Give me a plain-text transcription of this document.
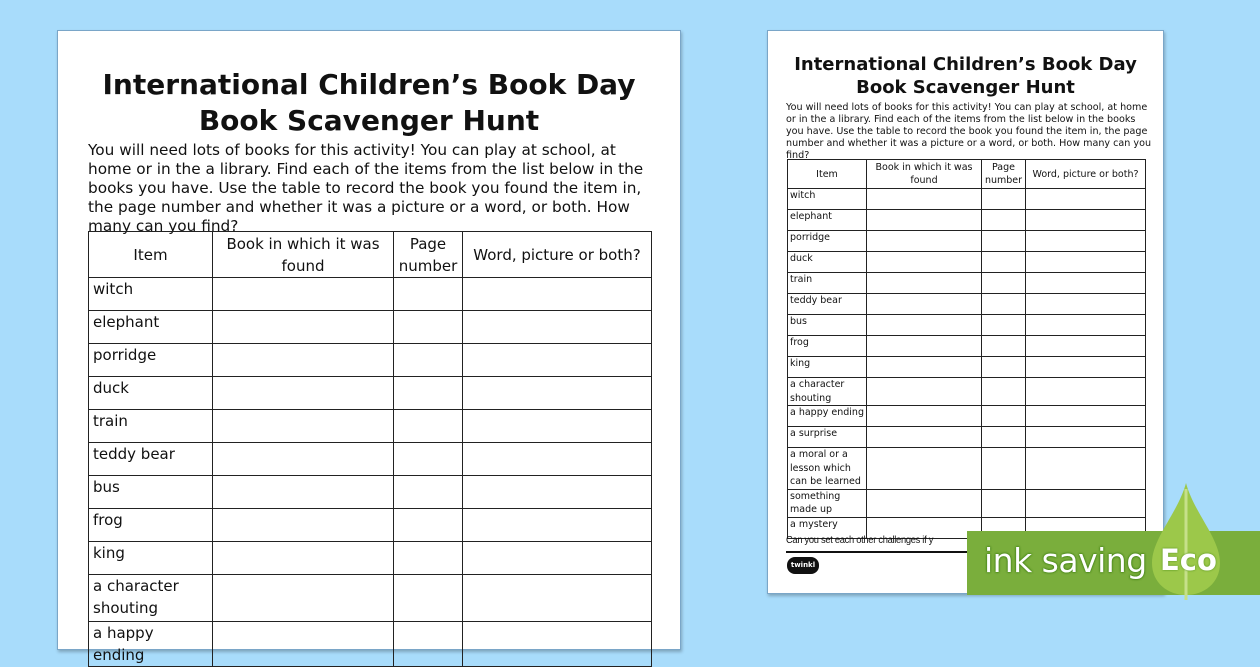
International Children’s Book Day
Book Scavenger Hunt
You will need lots of books for this activity! You can play at school, at home or in the a library. Find each of the items from the list below in the books you have. Use the table to record the book you found the item in, the page number and whether it was a picture or a word, or both. How many can you find?
Item	Book in which it was found	Page number	Word, picture or both?
witch			
elephant			
porridge			
duck			
train			
teddy bear			
bus			
frog			
king			
a character shouting			
a happy ending			
International Children’s Book Day
Book Scavenger Hunt
You will need lots of books for this activity! You can play at school, at home or in the a library. Find each of the items from the list below in the books you have. Use the table to record the book you found the item in, the page number and whether it was a picture or a word, or both. How many can you find?
Item	Book in which it was found	Page number	Word, picture or both?
witch			
elephant			
porridge			
duck			
train			
teddy bear			
bus			
frog			
king			
a character shouting			
a happy ending			
a surprise			
a moral or a lesson which can be learned			
something made up			
a mystery			
Can you set each other challenges if y
twinkl	ink saving Eco
